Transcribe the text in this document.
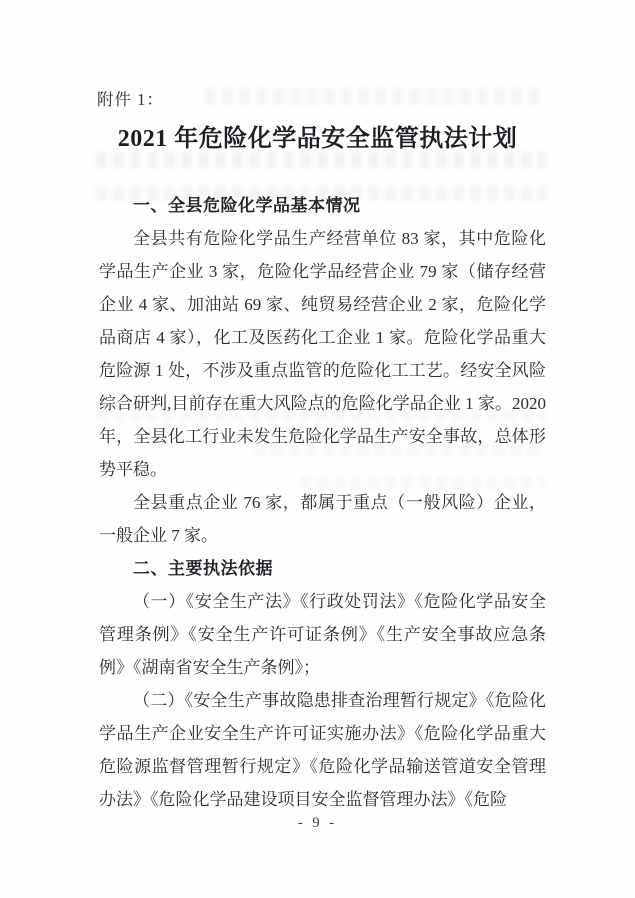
附件 1：
2021 年危险化学品安全监管执法计划
一、全县危险化学品基本情况

全县共有危险化学品生产经营单位 83 家，其中危险化学品生产企业 3 家，危险化学品经营企业 79 家（储存经营企业 4 家、加油站 69 家、纯贸易经营企业 2 家，危险化学品商店 4 家），化工及医药化工企业 1 家。危险化学品重大危险源 1 处，不涉及重点监管的危险化工工艺。经安全风险综合研判,目前存在重大风险点的危险化学品企业 1 家。2020 年，全县化工行业未发生危险化学品生产安全事故，总体形势平稳。

全县重点企业 76 家，都属于重点（一般风险）企业，一般企业 7 家。

二、主要执法依据

（一）《安全生产法》《行政处罚法》《危险化学品安全管理条例》《安全生产许可证条例》《生产安全事故应急条例》《湖南省安全生产条例》；

（二）《安全生产事故隐患排查治理暂行规定》《危险化学品生产企业安全生产许可证实施办法》《危险化学品重大危险源监督管理暂行规定》《危险化学品输送管道安全管理办法》《危险化学品建设项目安全监督管理办法》《危险

- 9 -
